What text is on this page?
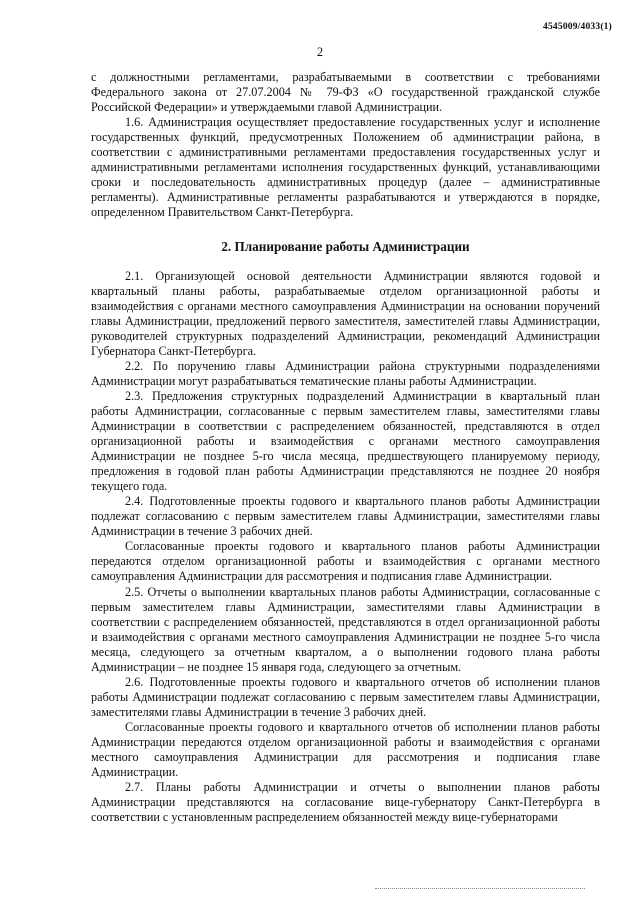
4545009/4033(1)
2

с должностными регламентами, разрабатываемыми в соответствии с требованиями Федерального закона от 27.07.2004 № 79-ФЗ «О государственной гражданской службе Российской Федерации» и утверждаемыми главой Администрации.

1.6. Администрация осуществляет предоставление государственных услуг и исполнение государственных функций, предусмотренных Положением об администрации района, в соответствии с административными регламентами предоставления государственных услуг и административными регламентами исполнения государственных функций, устанавливающими сроки и последовательность административных процедур (далее – административные регламенты). Административные регламенты разрабатываются и утверждаются в порядке, определенном Правительством Санкт-Петербурга.

2. Планирование работы Администрации

2.1. Организующей основой деятельности Администрации являются годовой и квартальный планы работы, разрабатываемые отделом организационной работы и взаимодействия с органами местного самоуправления Администрации на основании поручений главы Администрации, предложений первого заместителя, заместителей главы Администрации, руководителей структурных подразделений Администрации, рекомендаций Администрации Губернатора Санкт-Петербурга.

2.2. По поручению главы Администрации района структурными подразделениями Администрации могут разрабатываться тематические планы работы Администрации.

2.3. Предложения структурных подразделений Администрации в квартальный план работы Администрации, согласованные с первым заместителем главы, заместителями главы Администрации в соответствии с распределением обязанностей, представляются в отдел организационной работы и взаимодействия с органами местного самоуправления Администрации не позднее 5-го числа месяца, предшествующего планируемому периоду, предложения в годовой план работы Администрации представляются не позднее 20 ноября текущего года.

2.4. Подготовленные проекты годового и квартального планов работы Администрации подлежат согласованию с первым заместителем главы Администрации, заместителями главы Администрации в течение 3 рабочих дней.

Согласованные проекты годового и квартального планов работы Администрации передаются отделом организационной работы и взаимодействия с органами местного самоуправления Администрации для рассмотрения и подписания главе Администрации.

2.5. Отчеты о выполнении квартальных планов работы Администрации, согласованные с первым заместителем главы Администрации, заместителями главы Администрации в соответствии с распределением обязанностей, представляются в отдел организационной работы и взаимодействия с органами местного самоуправления Администрации не позднее 5-го числа месяца, следующего за отчетным кварталом, а о выполнении годового плана работы Администрации – не позднее 15 января года, следующего за отчетным.

2.6. Подготовленные проекты годового и квартального отчетов об исполнении планов работы Администрации подлежат согласованию с первым заместителем главы Администрации, заместителями главы Администрации в течение 3 рабочих дней.

Согласованные проекты годового и квартального отчетов об исполнении планов работы Администрации передаются отделом организационной работы и взаимодействия с органами местного самоуправления Администрации для рассмотрения и подписания главе Администрации.

2.7. Планы работы Администрации и отчеты о выполнении планов работы Администрации представляются на согласование вице-губернатору Санкт-Петербурга в соответствии с установленным распределением обязанностей между вице-губернаторами
